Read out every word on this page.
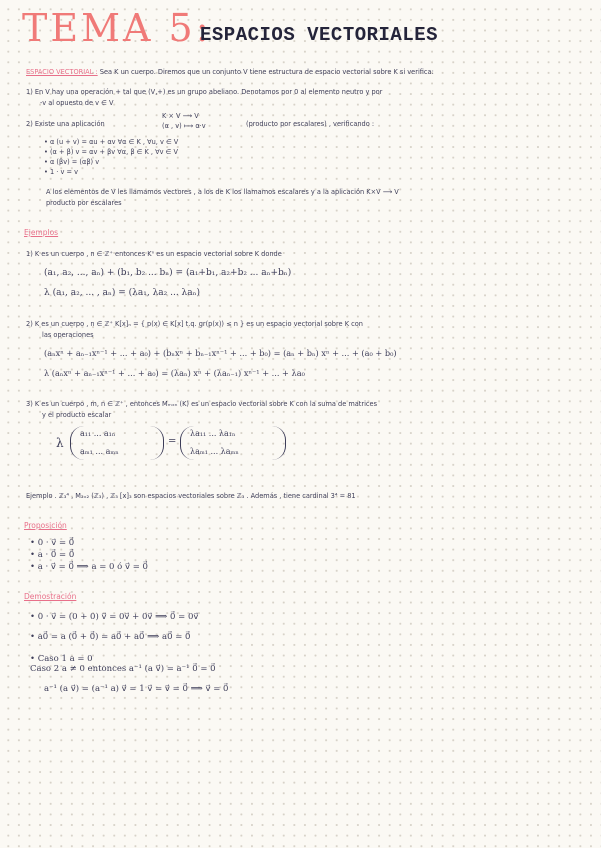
TEMA 5:
ESPACIOS VECTORIALES
ESPACIO VECTORIAL : Sea K un cuerpo. Diremos que un conjunto V tiene estructura de espacio vectorial sobre K si verifica:
1) En V hay una operación + tal que (V,+) es un grupo abeliano. Denotamos por 0 al elemento neutro y por
-v al opuesto de v ∈ V
2) Existe una aplicación
K × V ⟶ V
(α , v) ⟼ α·v	(producto por escalares) , verificando :
• α (u + v) = αu + αv ∀α ∈ K , ∀u, v ∈ V
• (α + β) v = αv + βv ∀α, β ∈ K , ∀v ∈ V
• α (βv) = (αβ) v
• 1 · v = v
A los elementos de V les llamamos vectores , a los de K los llamamos escalares y a la aplicación K×V ⟶ V
producto por escalares
Ejemplos
1) K es un cuerpo , n ∈ ℤ⁺ entonces Kⁿ es un espacio vectorial sobre K donde
(a₁, a₂, ..., aₙ) + (b₁, b₂ ... bₙ) = (a₁+b₁, a₂+b₂ ... aₙ+bₙ)
λ (a₁, a₂, ... , aₙ) = (λa₁, λa₂ ... λaₙ)
2) K es un cuerpo , n ∈ ℤ⁺ K[x]ₙ = { p(x) ∈ K[x] t.q. gr(p(x)) ≤ n } es un espacio vectorial sobre K con
las operaciones
(aₙxⁿ + aₙ₋₁xⁿ⁻¹ + ... + a₀) + (bₙxⁿ + bₙ₋₁xⁿ⁻¹ + ... + b₀) = (aₙ + bₙ) xⁿ + ... + (a₀ + b₀)
λ (aₙxⁿ + aₙ₋₁xⁿ⁻¹ + ... + a₀) = (λaₙ) xⁿ + (λaₙ₋₁) xⁿ⁻¹ + ... + λa₀
3) K es un cuerpo , m, n ∈ ℤ⁺ , entonces Mₘₓₙ (K) es un espacio vectorial sobre K con la suma de matrices
y el producto escalar
λ
a₁₁ ... a₁ₙ
aₘ₁ ... aₘₙ
=
λa₁₁ ... λa₁ₙ
λaₘ₁ ... λaₘₙ
Ejemplo . ℤ₃⁴ , M₂ₓ₂ (ℤ₃) , ℤ₃ [x]₃ son espacios vectoriales sobre ℤ₃ . Además , tiene cardinal 3⁴ = 81
Proposición
• 0 · v⃗ = 0⃗
• a · 0⃗ = 0⃗
• a · v⃗ = 0⃗ ⟹ a = 0 ó v⃗ = 0⃗
Demostración
• 0 · v⃗ = (0 + 0) v⃗ = 0v⃗ + 0v⃗ ⟹ 0⃗ = 0v⃗
• a0⃗ = a (0⃗ + 0⃗) = a0⃗ + a0⃗ ⟹ a0⃗ = 0⃗
• Caso 1 a = 0
Caso 2 a ≠ 0 entonces a⁻¹ (a v⃗) = a⁻¹ 0⃗ = 0⃗
a⁻¹ (a v⃗) = (a⁻¹ a) v⃗ = 1 v⃗ = v⃗ = 0⃗ ⟹ v⃗ = 0⃗
